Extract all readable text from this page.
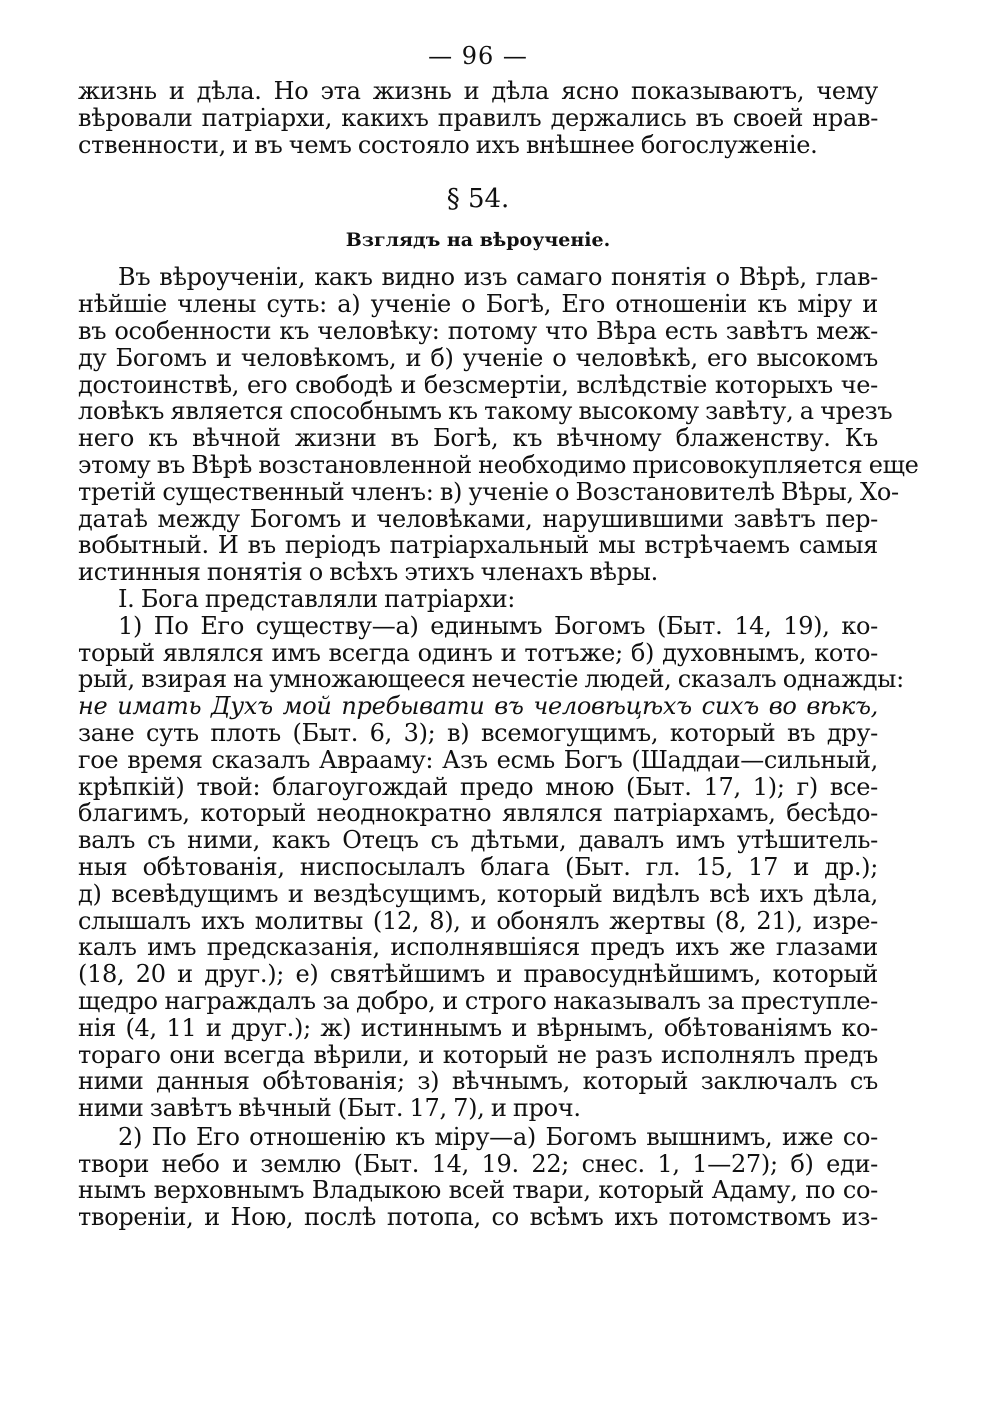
— 96 —
жизнь и дѣла. Но эта жизнь и дѣла ясно показываютъ, чему
вѣровали патріархи, какихъ правилъ держались въ своей нрав-
ственности, и въ чемъ состояло ихъ внѣшнее богослуженіе.
§ 54.
Взглядъ на вѣроученіе.
Въ вѣроученіи, какъ видно изъ самаго понятія о Вѣрѣ, глав-
нѣйшіе члены суть: а) ученіе о Богѣ, Его отношеніи къ міру и
въ особенности къ человѣку: потому что Вѣра есть завѣтъ меж-
ду Богомъ и человѣкомъ, и б) ученіе о человѣкѣ, его высокомъ
достоинствѣ, его свободѣ и безсмертіи, вслѣдствіе которыхъ че-
ловѣкъ является способнымъ къ такому высокому завѣту, а чрезъ
него къ вѣчной жизни въ Богѣ, къ вѣчному блаженству. Къ
этому въ Вѣрѣ возстановленной необходимо присовокупляется еще
третій существенный членъ: в) ученіе о Возстановителѣ Вѣры, Хо-
датаѣ между Богомъ и человѣками, нарушившими завѣтъ пер-
вобытный. И въ періодъ патріархальный мы встрѣчаемъ самыя
истинныя понятія о всѣхъ этихъ членахъ вѣры.
I. Бога представляли патріархи:
1) По Его существу—а) единымъ Богомъ (Быт. 14, 19), ко-
торый являлся имъ всегда одинъ и тотъже; б) духовнымъ, кото-
рый, взирая на умножающееся нечестіе людей, сказалъ однажды:
не имать Духъ мой пребывати въ человѣцѣхъ сихъ во вѣкъ,
зане суть плоть (Быт. 6, 3); в) всемогущимъ, который въ дру-
гое время сказалъ Аврааму: Азъ есмь Богъ (Шаддаи—сильный,
крѣпкій) твой: благоугождай предо мною (Быт. 17, 1); г) все-
благимъ, который неоднократно являлся патріархамъ, бесѣдо-
валъ съ ними, какъ Отецъ съ дѣтьми, давалъ имъ утѣшитель-
ныя обѣтованія, ниспосылалъ блага (Быт. гл. 15, 17 и др.);
д) всевѣдущимъ и вездѣсущимъ, который видѣлъ всѣ ихъ дѣла,
слышалъ ихъ молитвы (12, 8), и обонялъ жертвы (8, 21), изре-
калъ имъ предсказанія, исполнявшіяся предъ ихъ же глазами
(18, 20 и друг.); е) святѣйшимъ и правосуднѣйшимъ, который
щедро награждалъ за добро, и строго наказывалъ за преступле-
нія (4, 11 и друг.); ж) истиннымъ и вѣрнымъ, обѣтованіямъ ко-
тораго они всегда вѣрили, и который не разъ исполнялъ предъ
ними данныя обѣтованія; з) вѣчнымъ, который заключалъ съ
ними завѣтъ вѣчный (Быт. 17, 7), и проч.
2) По Его отношенію къ міру—а) Богомъ вышнимъ, иже со-
твори небо и землю (Быт. 14, 19. 22; снес. 1, 1—27); б) еди-
нымъ верховнымъ Владыкою всей твари, который Адаму, по со-
твореніи, и Ною, послѣ потопа, со всѣмъ ихъ потомствомъ из-
